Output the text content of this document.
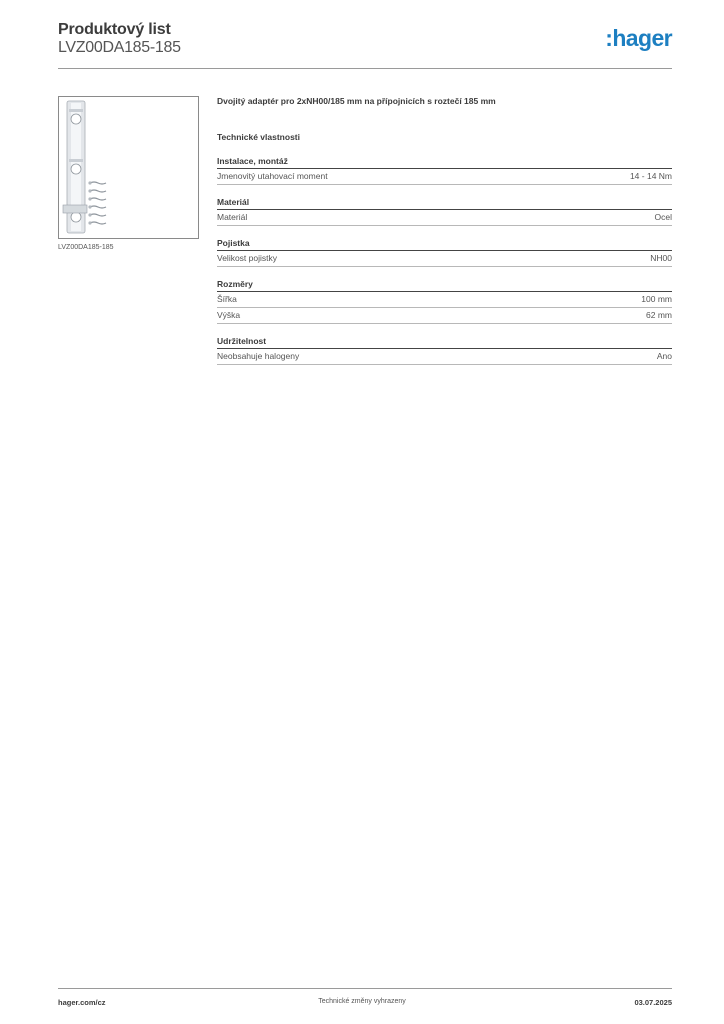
Produktový list
LVZ00DA185-185	:hager
LVZ00DA185-185
Dvojitý adaptér pro 2xNH00/185 mm na přípojnicích s roztečí 185 mm
Technické vlastnosti
Instalace, montáž
Jmenovitý utahovací moment	14 - 14 Nm
Materiál
Materiál	Ocel
Pojistka
Velikost pojistky	NH00
Rozměry
Šířka	100 mm
Výška	62 mm
Udržitelnost
Neobsahuje halogeny	Ano
hager.com/cz	Technické změny vyhrazeny	03.07.2025
